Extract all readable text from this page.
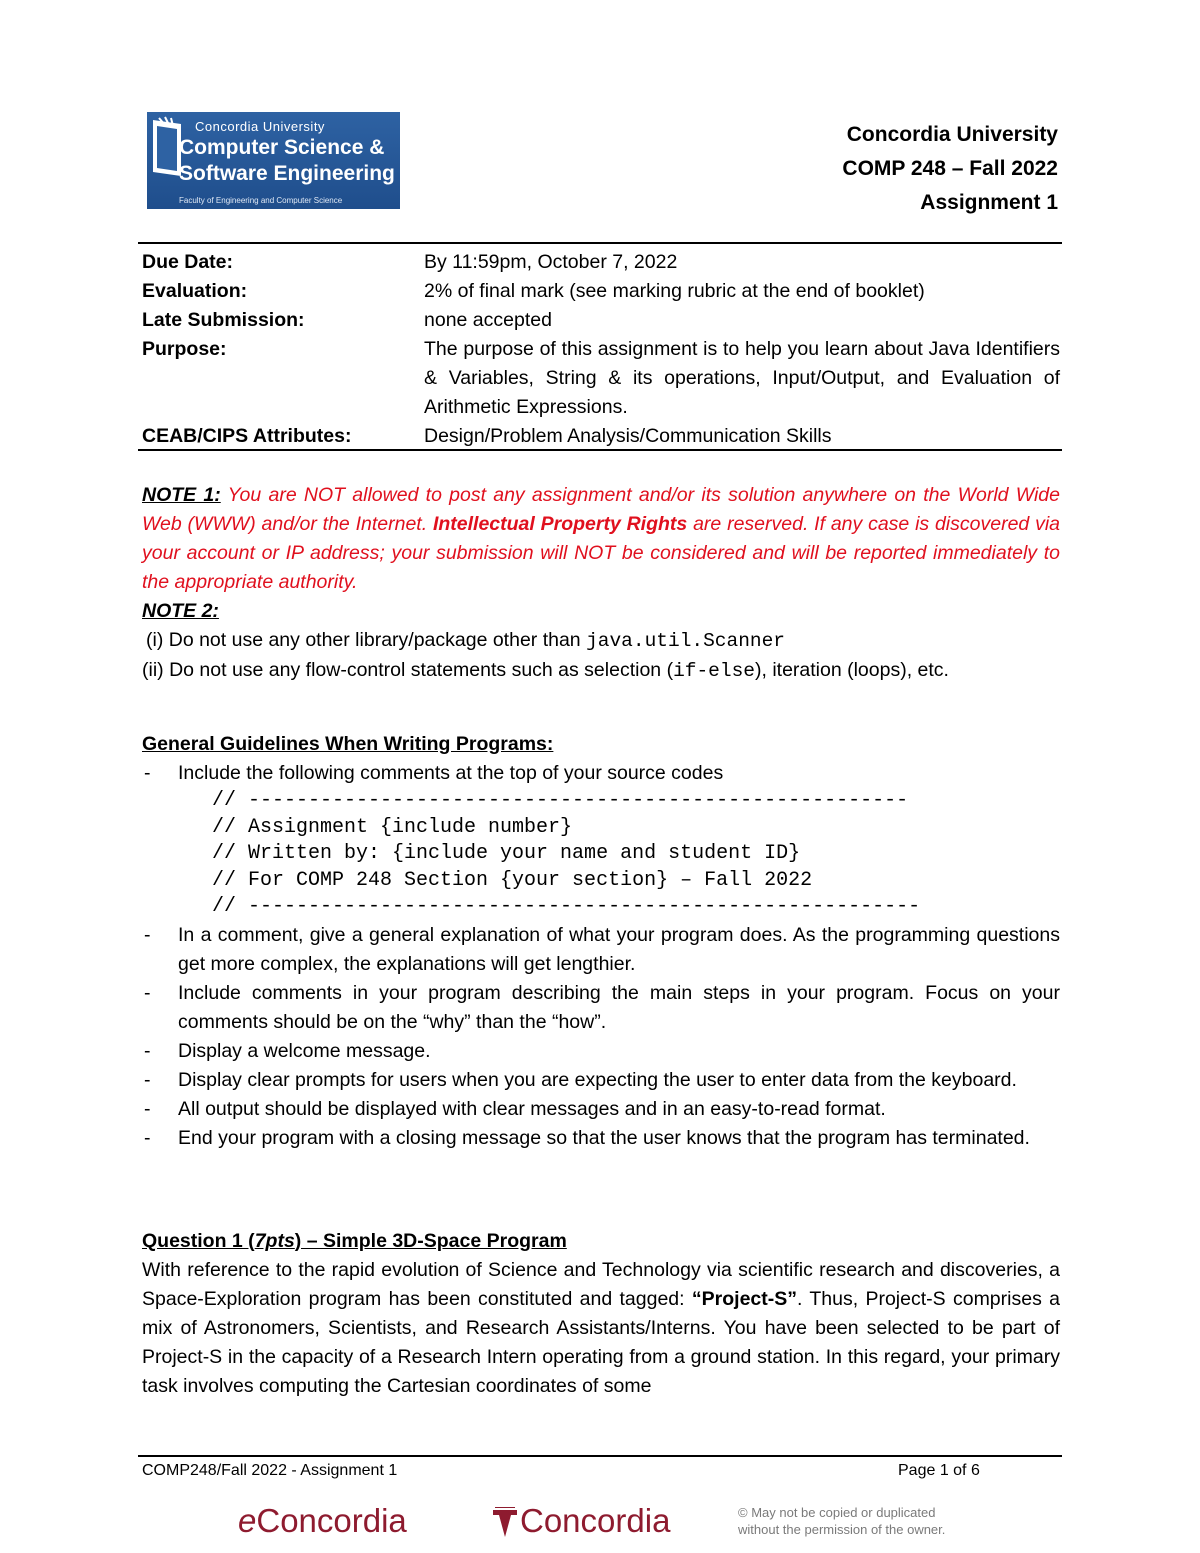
Concordia University
Computer Science &
Software Engineering
Faculty of Engineering and Computer Science
Concordia University
COMP 248 – Fall 2022
Assignment 1
Due Date:	By 11:59pm, October 7, 2022
Evaluation:	2% of final mark (see marking rubric at the end of booklet)
Late Submission:	none accepted
Purpose:	The purpose of this assignment is to help you learn about Java Identifiers & Variables, String & its operations, Input/Output, and Evaluation of Arithmetic Expressions.
CEAB/CIPS Attributes:	Design/Problem Analysis/Communication Skills
NOTE 1: You are NOT allowed to post any assignment and/or its solution anywhere on the World Wide Web (WWW) and/or the Internet. Intellectual Property Rights are reserved. If any case is discovered via your account or IP address; your submission will NOT be considered and will be reported immediately to the appropriate authority.
NOTE 2:
(i) Do not use any other library/package other than java.util.Scanner
(ii) Do not use any flow-control statements such as selection (if-else), iteration (loops), etc.
General Guidelines When Writing Programs:
-	Include the following comments at the top of your source codes
// -------------------------------------------------------
// Assignment {include number}
// Written by: {include your name and student ID}
// For COMP 248 Section {your section} – Fall 2022
// --------------------------------------------------------
-	In a comment, give a general explanation of what your program does. As the programming questions get more complex, the explanations will get lengthier.
-	Include comments in your program describing the main steps in your program. Focus on your comments should be on the “why” than the “how”.
-	Display a welcome message.
-	Display clear prompts for users when you are expecting the user to enter data from the keyboard.
-	All output should be displayed with clear messages and in an easy-to-read format.
-	End your program with a closing message so that the user knows that the program has terminated.
Question 1 (7pts) – Simple 3D-Space Program
With reference to the rapid evolution of Science and Technology via scientific research and discoveries, a Space-Exploration program has been constituted and tagged: “Project-S”. Thus, Project-S comprises a mix of Astronomers, Scientists, and Research Assistants/Interns. You have been selected to be part of Project-S in the capacity of a Research Intern operating from a ground station. In this regard, your primary task involves computing the Cartesian coordinates of some
COMP248/Fall 2022 - Assignment 1	Page 1 of 6
eConcordia	Concordia	© May not be copied or duplicated
without the permission of the owner.
